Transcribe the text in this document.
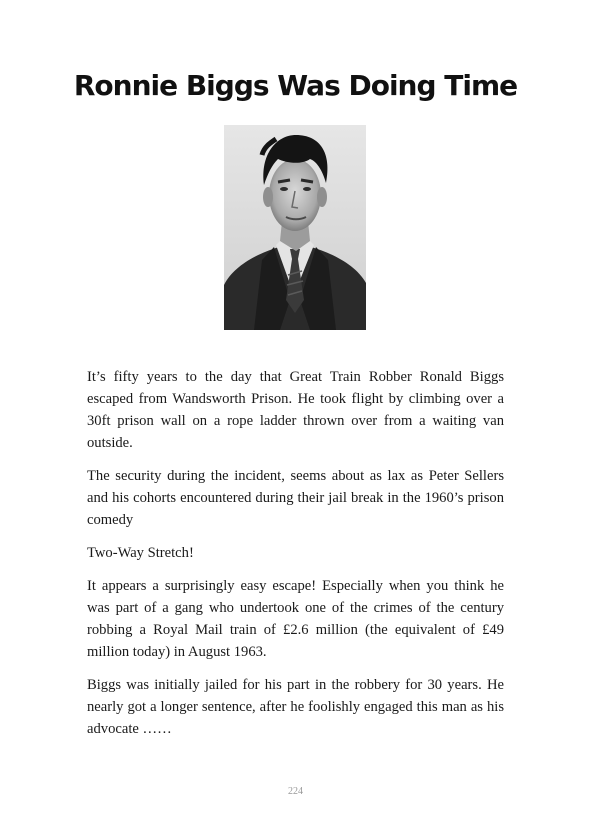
Ronnie Biggs Was Doing Time

It’s fifty years to the day that Great Train Robber Ronald Biggs escaped from Wandsworth Prison. He took flight by climbing over a 30ft prison wall on a rope ladder thrown over from a waiting van outside.

The security during the incident, seems about as lax as Peter Sellers and his cohorts encountered during their jail break in the 1960’s prison comedy

Two-Way Stretch!

It appears a surprisingly easy escape! Especially when you think he was part of a gang who undertook one of the crimes of the century robbing a Royal Mail train of £2.6 million (the equivalent of £49 million today) in August 1963.

Biggs was initially jailed for his part in the robbery for 30 years. He nearly got a longer sentence, after he foolishly engaged this man as his advocate ……

224
